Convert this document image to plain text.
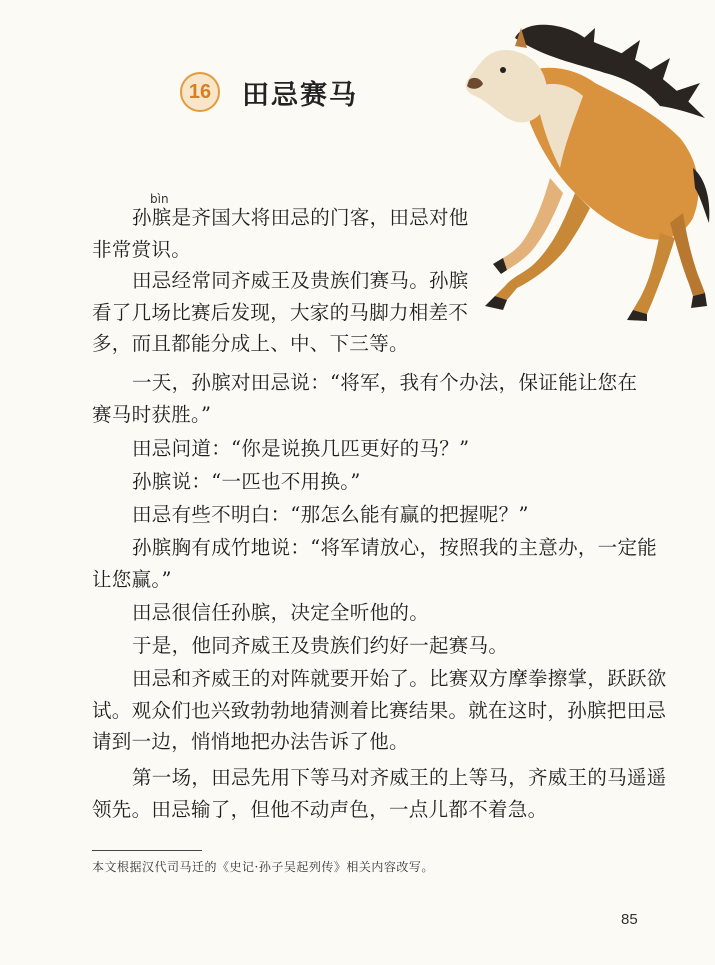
16	田忌赛马
bìn

孙膑是齐国大将田忌的门客，田忌对他
非常赏识。

田忌经常同齐威王及贵族们赛马。孙膑
看了几场比赛后发现，大家的马脚力相差不
多，而且都能分成上、中、下三等。

一天，孙膑对田忌说：“将军，我有个办法，保证能让您在
赛马时获胜。”

田忌问道：“你是说换几匹更好的马？”

孙膑说：“一匹也不用换。”

田忌有些不明白：“那怎么能有赢的把握呢？”

孙膑胸有成竹地说：“将军请放心，按照我的主意办，一定能
让您赢。”

田忌很信任孙膑，决定全听他的。

于是，他同齐威王及贵族们约好一起赛马。

田忌和齐威王的对阵就要开始了。比赛双方摩拳擦掌，跃跃欲
试。观众们也兴致勃勃地猜测着比赛结果。就在这时，孙膑把田忌
请到一边，悄悄地把办法告诉了他。

第一场，田忌先用下等马对齐威王的上等马，齐威王的马遥遥
领先。田忌输了，但他不动声色，一点儿都不着急。

本文根据汉代司马迁的《史记·孙子吴起列传》相关内容改写。
85
